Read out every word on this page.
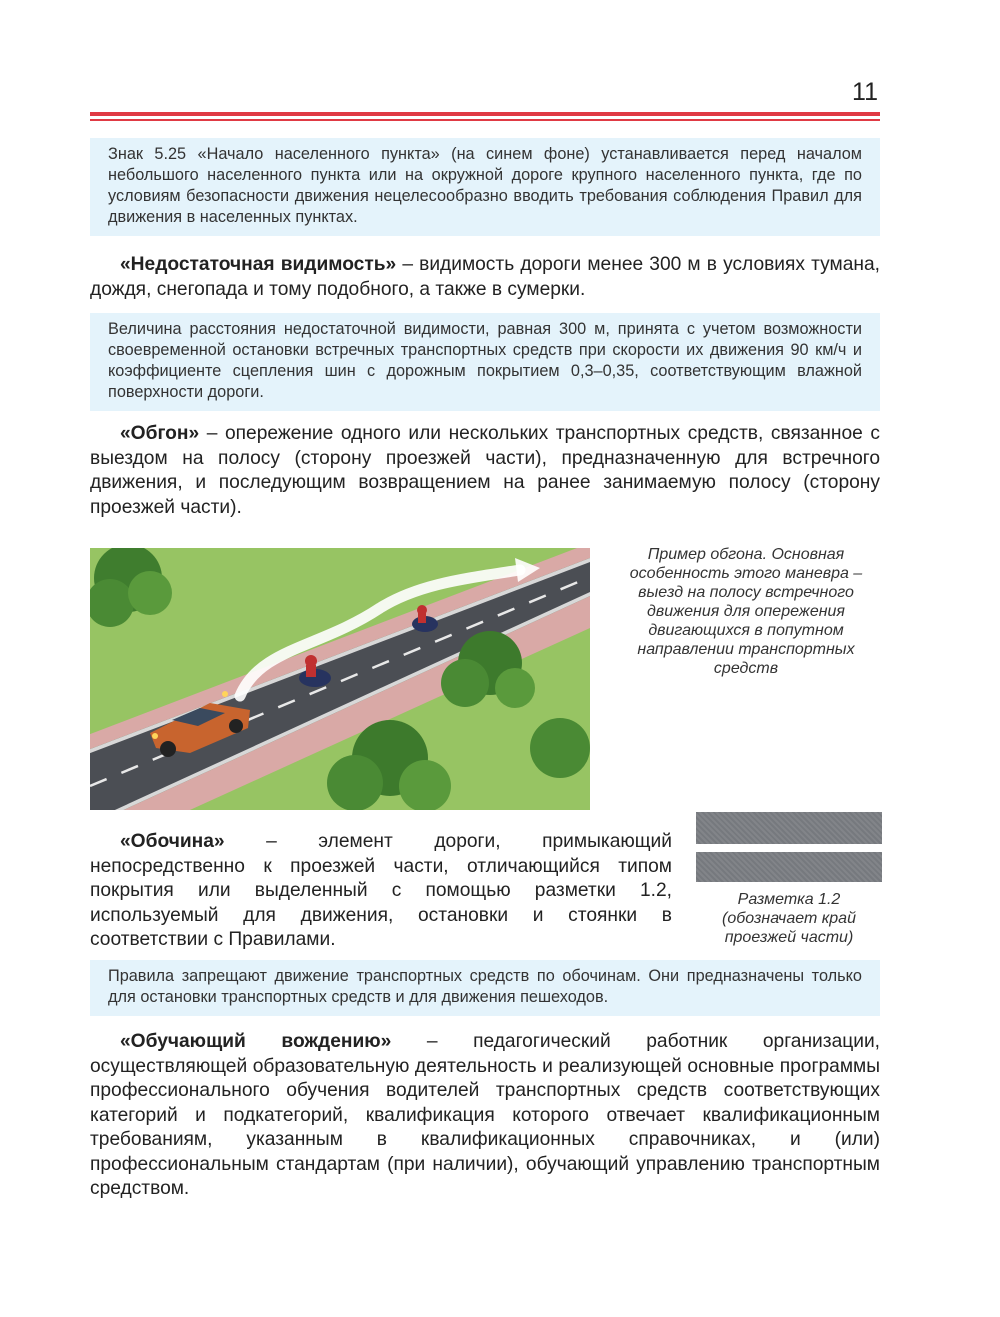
11
Знак 5.25 «Начало населенного пункта» (на синем фоне) устанавливается перед началом небольшого населенного пункта или на окружной дороге крупного населенного пункта, где по условиям безопасности движения нецелесообразно вводить требования соблюдения Правил для движения в населенных пунктах.
«Недостаточная видимость» – видимость дороги менее 300 м в условиях тумана, дождя, снегопада и тому подобного, а также в сумерки.
Величина расстояния недостаточной видимости, равная 300 м, принята с учетом возможности своевременной остановки встречных транспортных средств при скорости их движения 90 км/ч и коэффициенте сцепления шин с дорожным покрытием 0,3–0,35, соответствующим влажной поверхности дороги.
«Обгон» – опережение одного или нескольких транспортных средств, связанное с выездом на полосу (сторону проезжей части), предназначенную для встречного движения, и последующим возвращением на ранее занимаемую полосу (сторону проезжей части).
Пример обгона. Основная особенность этого маневра – выезд на полосу встречного движения для опережения двигающихся в попутном направлении транспортных средств
Разметка 1.2
(обозначает край проезжей части)
«Обочина» – элемент дороги, примыкающий непосредственно к проезжей части, отличающийся типом покрытия или выделенный с помощью разметки 1.2, используемый для движения, остановки и стоянки в соответствии с Правилами.
Правила запрещают движение транспортных средств по обочинам. Они предназначены только для остановки транспортных средств и для движения пешеходов.
«Обучающий вождению» – педагогический работник организации, осуществляющей образовательную деятельность и реализующей основные программы профессионального обучения водителей транспортных средств соответствующих категорий и подкатегорий, квалификация которого отвечает квалификационным требованиям, указанным в квалификационных справочниках, и (или) профессиональным стандартам (при наличии), обучающий управлению транспортным средством.
